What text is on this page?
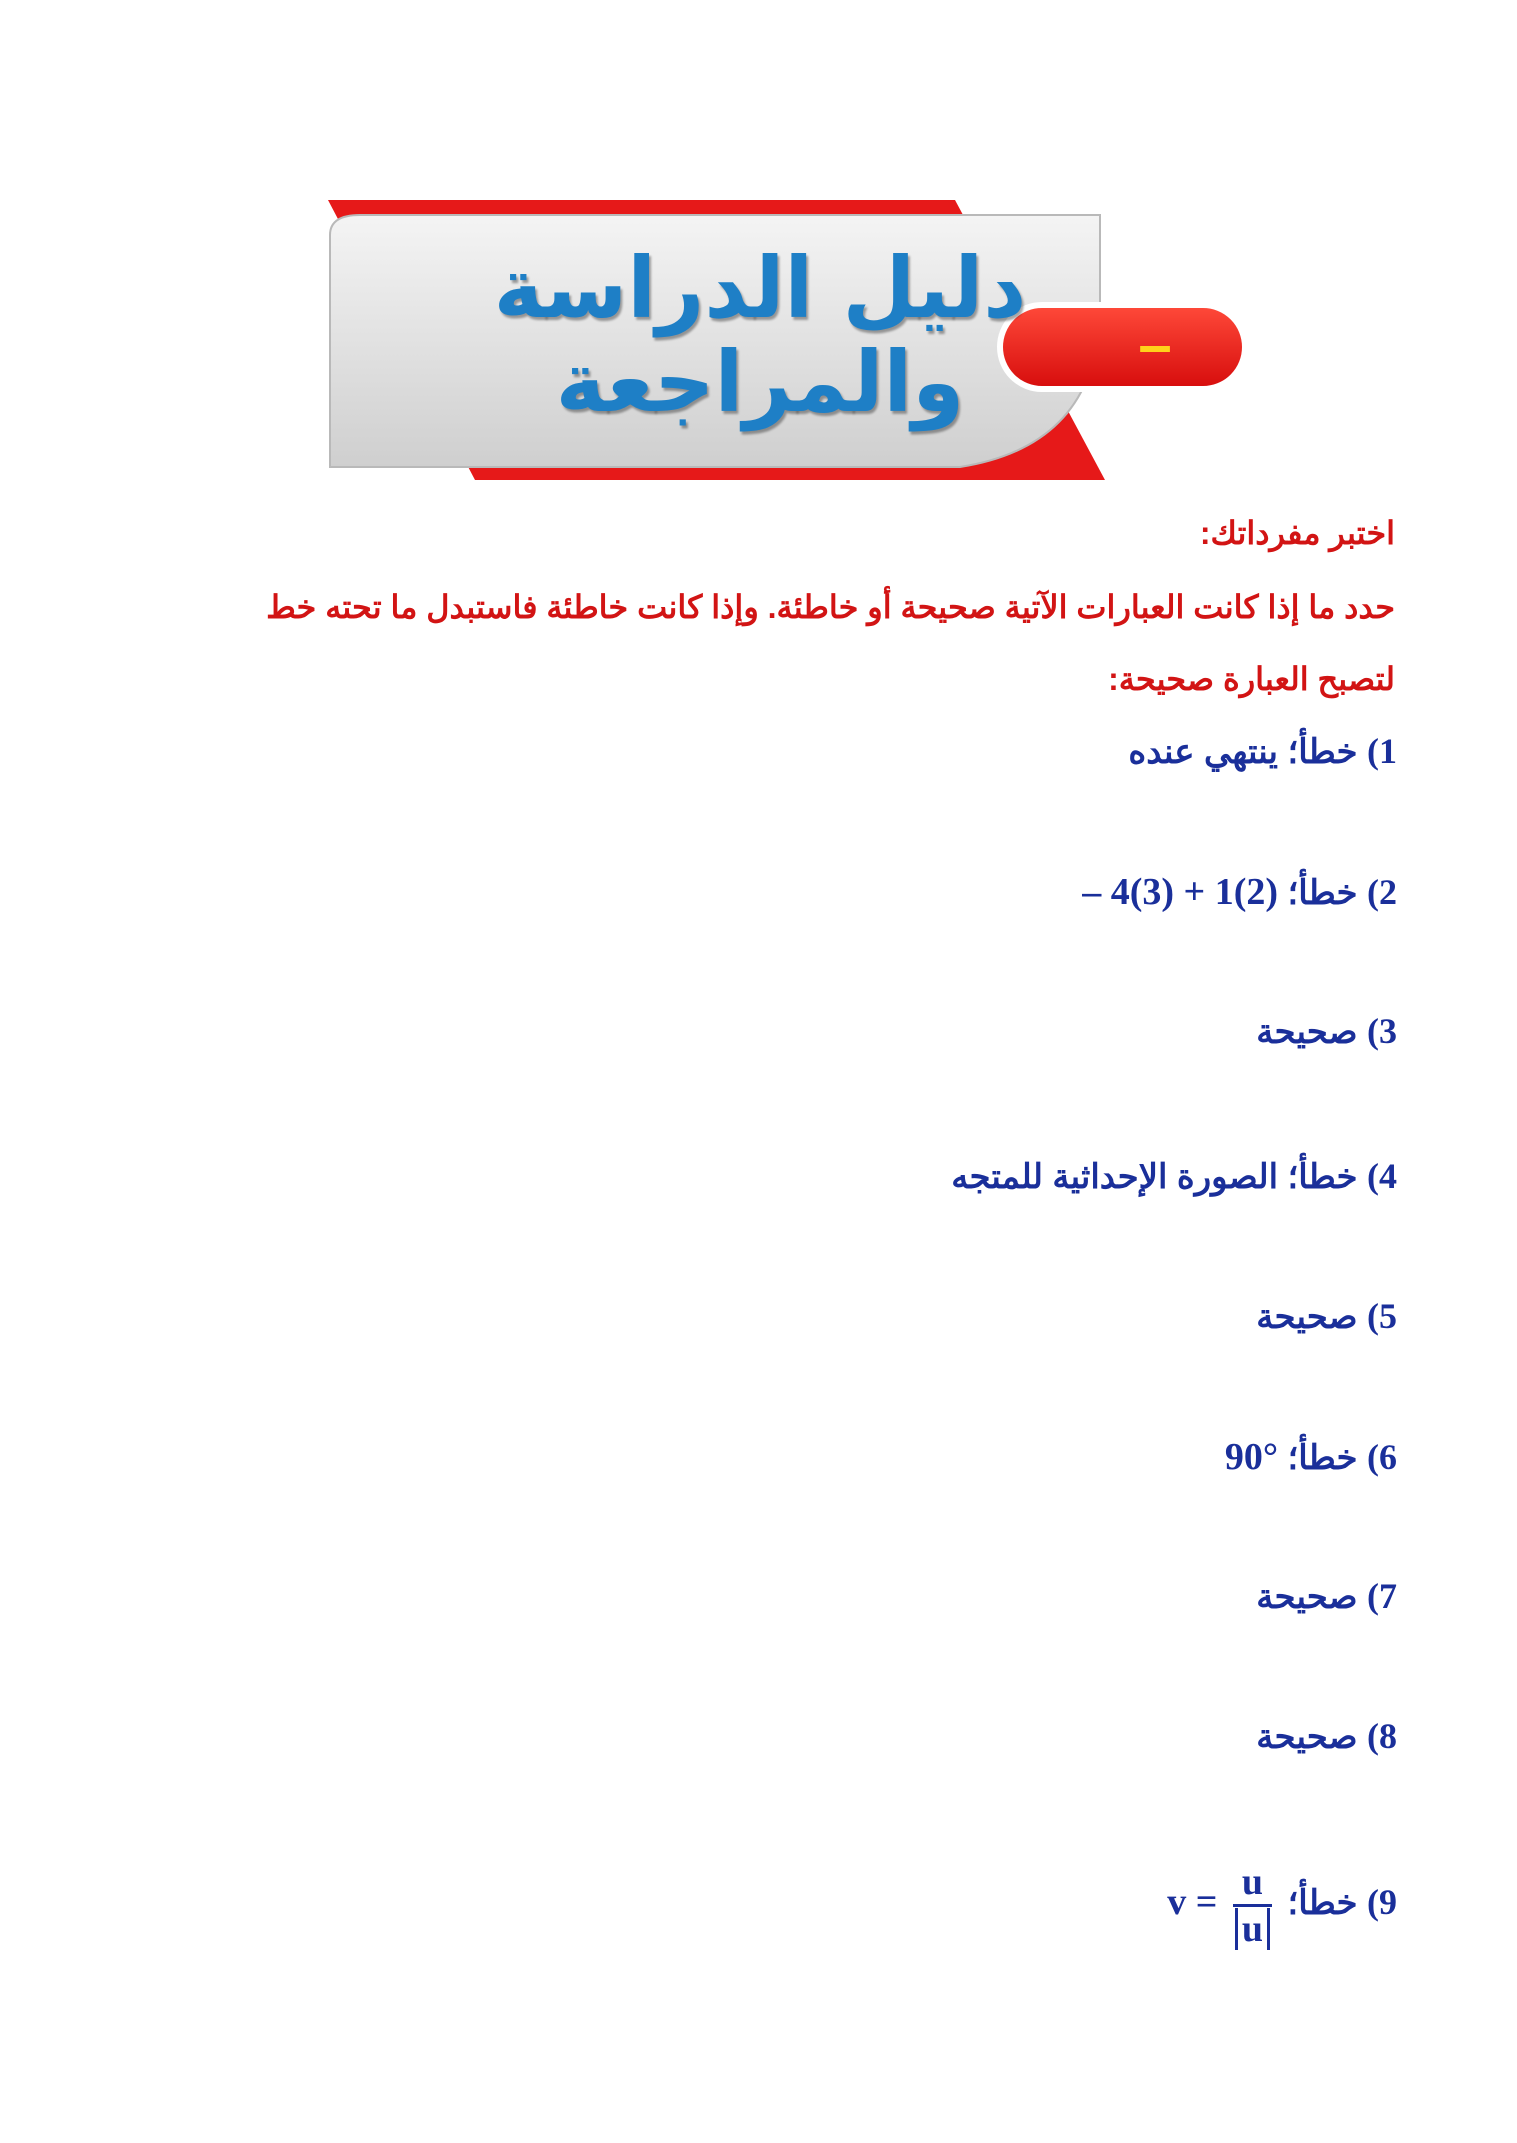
دليل الدراسة
والمراجعة	–
اختبر مفرداتك:
حدد ما إذا كانت العبارات الآتية صحيحة أو خاطئة. وإذا كانت خاطئة فاستبدل ما تحته خط
لتصبح العبارة صحيحة:
1) خطأ؛ ينتهي عنده
2) خطأ؛ – 4(3) + 1(2)
3) صحيحة
4) خطأ؛ الصورة الإحداثية للمتجه
5) صحيحة
6) خطأ؛ 90°
7) صحيحة
8) صحيحة
9) خطأ؛ $v = \frac{u}{u}$
